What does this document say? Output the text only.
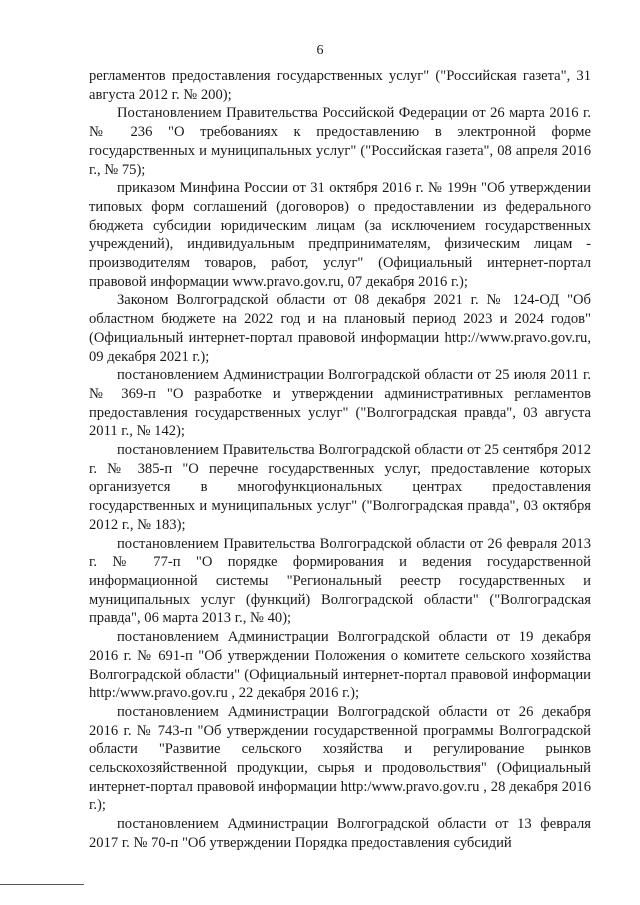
6

регламентов предоставления государственных услуг" ("Российская газета", 31 августа 2012 г. № 200);

Постановлением Правительства Российской Федерации от 26 марта 2016 г. № 236 "О требованиях к предоставлению в электронной форме государственных и муниципальных услуг" ("Российская газета", 08 апреля 2016 г., № 75);

приказом Минфина России от 31 октября 2016 г. № 199н "Об утверждении типовых форм соглашений (договоров) о предоставлении из федерального бюджета субсидии юридическим лицам (за исключением государственных учреждений), индивидуальным предпринимателям, физическим лицам - производителям товаров, работ, услуг" (Официальный интернет-портал правовой информации www.pravo.gov.ru, 07 декабря 2016 г.);

Законом Волгоградской области от 08 декабря 2021 г. № 124-ОД "Об областном бюджете на 2022 год и на плановый период 2023 и 2024 годов" (Официальный интернет-портал правовой информации http://www.pravo.gov.ru, 09 декабря 2021 г.);

постановлением Администрации Волгоградской области от 25 июля 2011 г. № 369-п "О разработке и утверждении административных регламентов предоставления государственных услуг" ("Волгоградская правда", 03 августа 2011 г., № 142);

постановлением Правительства Волгоградской области от 25 сентября 2012 г. № 385-п "О перечне государственных услуг, предоставление которых организуется в многофункциональных центрах предоставления государственных и муниципальных услуг" ("Волгоградская правда", 03 октября 2012 г., № 183);

постановлением Правительства Волгоградской области от 26 февраля 2013 г. № 77-п "О порядке формирования и ведения государственной информационной системы "Региональный реестр государственных и муниципальных услуг (функций) Волгоградской области" ("Волгоградская правда", 06 марта 2013 г., № 40);

постановлением Администрации Волгоградской области от 19 декабря 2016 г. № 691-п "Об утверждении Положения о комитете сельского хозяйства Волгоградской области" (Официальный интернет-портал правовой информации http:/www.pravo.gov.ru , 22 декабря 2016 г.);

постановлением Администрации Волгоградской области от 26 декабря 2016 г. № 743-п "Об утверждении государственной программы Волгоградской области "Развитие сельского хозяйства и регулирование рынков сельскохозяйственной продукции, сырья и продовольствия" (Официальный интернет-портал правовой информации http:/www.pravo.gov.ru , 28 декабря 2016 г.);

постановлением Администрации Волгоградской области от 13 февраля 2017 г. № 70-п "Об утверждении Порядка предоставления субсидий
